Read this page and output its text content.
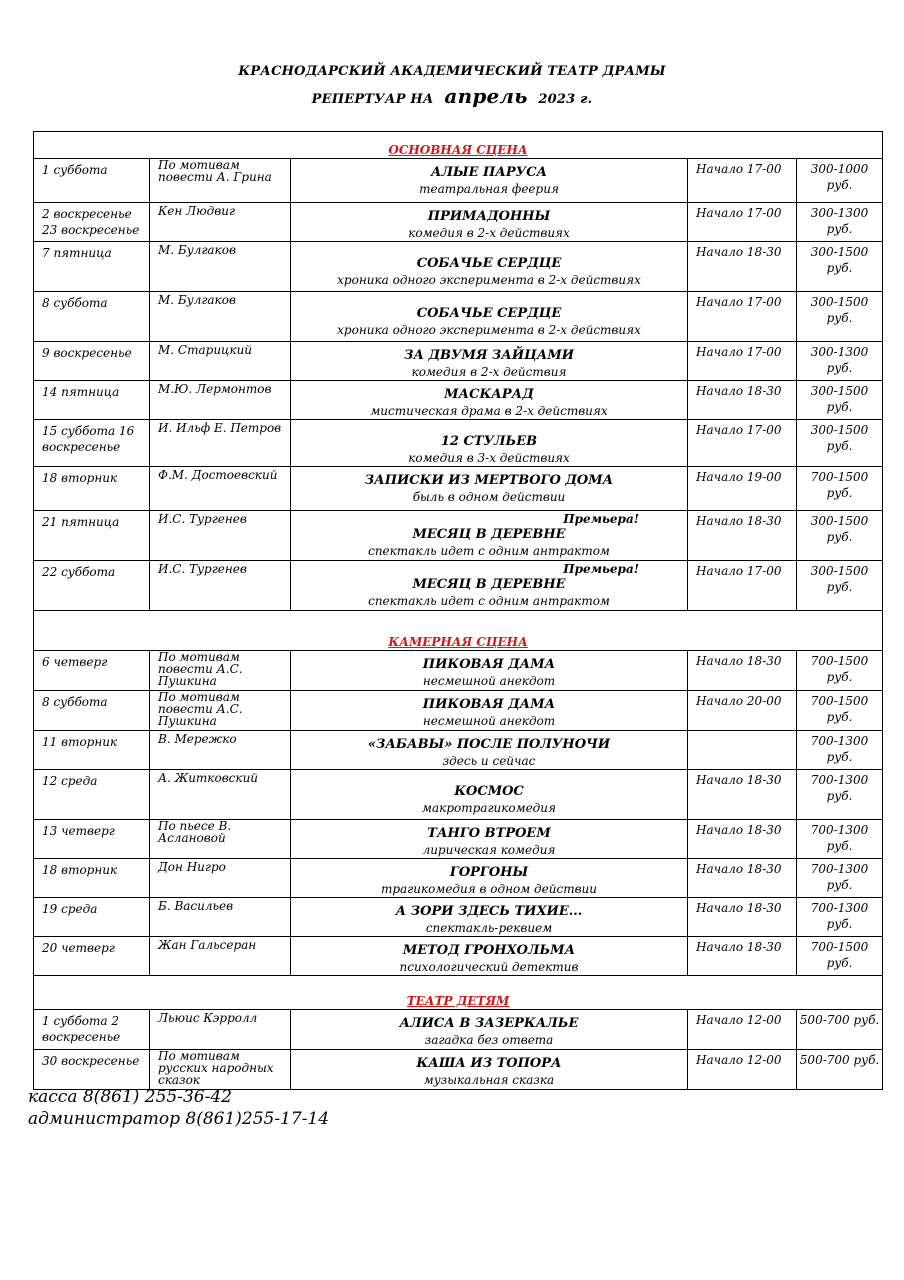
КРАСНОДАРСКИЙ АКАДЕМИЧЕСКИЙ ТЕАТР ДРАМЫ
РЕПЕРТУАР НА апрель 2023 г.
ОСНОВНАЯ СЦЕНА				
1 суббота	По мотивам повести А. Грина	АЛЫЕ ПАРУСА
театральная феерия	Начало 17-00	300-1000 руб.
2 воскресенье 23 воскресенье	Кен Людвиг	ПРИМАДОННЫ
комедия в 2-х действиях	Начало 17-00	300-1300 руб.
7 пятница	М. Булгаков	СОБАЧЬЕ СЕРДЦЕ
хроника одного эксперимента в 2-х действиях	Начало 18-30	300-1500 руб.
8 суббота	М. Булгаков	СОБАЧЬЕ СЕРДЦЕ
хроника одного эксперимента в 2-х действиях	Начало 17-00	300-1500 руб.
9 воскресенье	М. Старицкий	ЗА ДВУМЯ ЗАЙЦАМИ
комедия в 2-х действия	Начало 17-00	300-1300 руб.
14 пятница	М.Ю. Лермонтов	МАСКАРАД
мистическая драма в 2-х действиях	Начало 18-30	300-1500 руб.
15 суббота 16 воскресенье	И. Ильф Е. Петров	12 СТУЛЬЕВ
комедия в 3-х действиях	Начало 17-00	300-1500 руб.
18 вторник	Ф.М. Достоевский	ЗАПИСКИ ИЗ МЕРТВОГО ДОМА
быль в одном действии	Начало 19-00	700-1500 руб.
21 пятница	И.С. Тургенев	Премьера!
МЕСЯЦ В ДЕРЕВНЕ
спектакль идет с одним антрактом	Начало 18-30	300-1500 руб.
22 суббота	И.С. Тургенев	Премьера!
МЕСЯЦ В ДЕРЕВНЕ
спектакль идет с одним антрактом	Начало 17-00	300-1500 руб.
КАМЕРНАЯ СЦЕНА				
6 четверг	По мотивам повести А.С. Пушкина	ПИКОВАЯ ДАМА
несмешной анекдот	Начало 18-30	700-1500 руб.
8 суббота	По мотивам повести А.С. Пушкина	ПИКОВАЯ ДАМА
несмешной анекдот	Начало 20-00	700-1500 руб.
11 вторник	В. Мережко	«ЗАБАВЫ» ПОСЛЕ ПОЛУНОЧИ
здесь и сейчас		700-1300 руб.
12 среда	А. Житковский	КОСМОС
макротрагикомедия	Начало 18-30	700-1300 руб.
13 четверг	По пьесе В. Аслановой	ТАНГО ВТРОЕМ
лирическая комедия	Начало 18-30	700-1300 руб.
18 вторник	Дон Нигро	ГОРГОНЫ
трагикомедия в одном действии	Начало 18-30	700-1300 руб.
19 среда	Б. Васильев	А ЗОРИ ЗДЕСЬ ТИХИЕ...
спектакль-реквием	Начало 18-30	700-1300 руб.
20 четверг	Жан Гальсеран	МЕТОД ГРОНХОЛЬМА
психологический детектив	Начало 18-30	700-1500 руб.
ТЕАТР ДЕТЯМ				
1 суббота 2 воскресенье	Льюис Кэрролл	АЛИСА В ЗАЗЕРКАЛЬЕ
загадка без ответа	Начало 12-00	500-700 руб.
30 воскресенье	По мотивам русских народных сказок	КАША ИЗ ТОПОРА
музыкальная сказка	Начало 12-00	500-700 руб.
касса 8(861) 255-36-42
администратор 8(861)255-17-14
